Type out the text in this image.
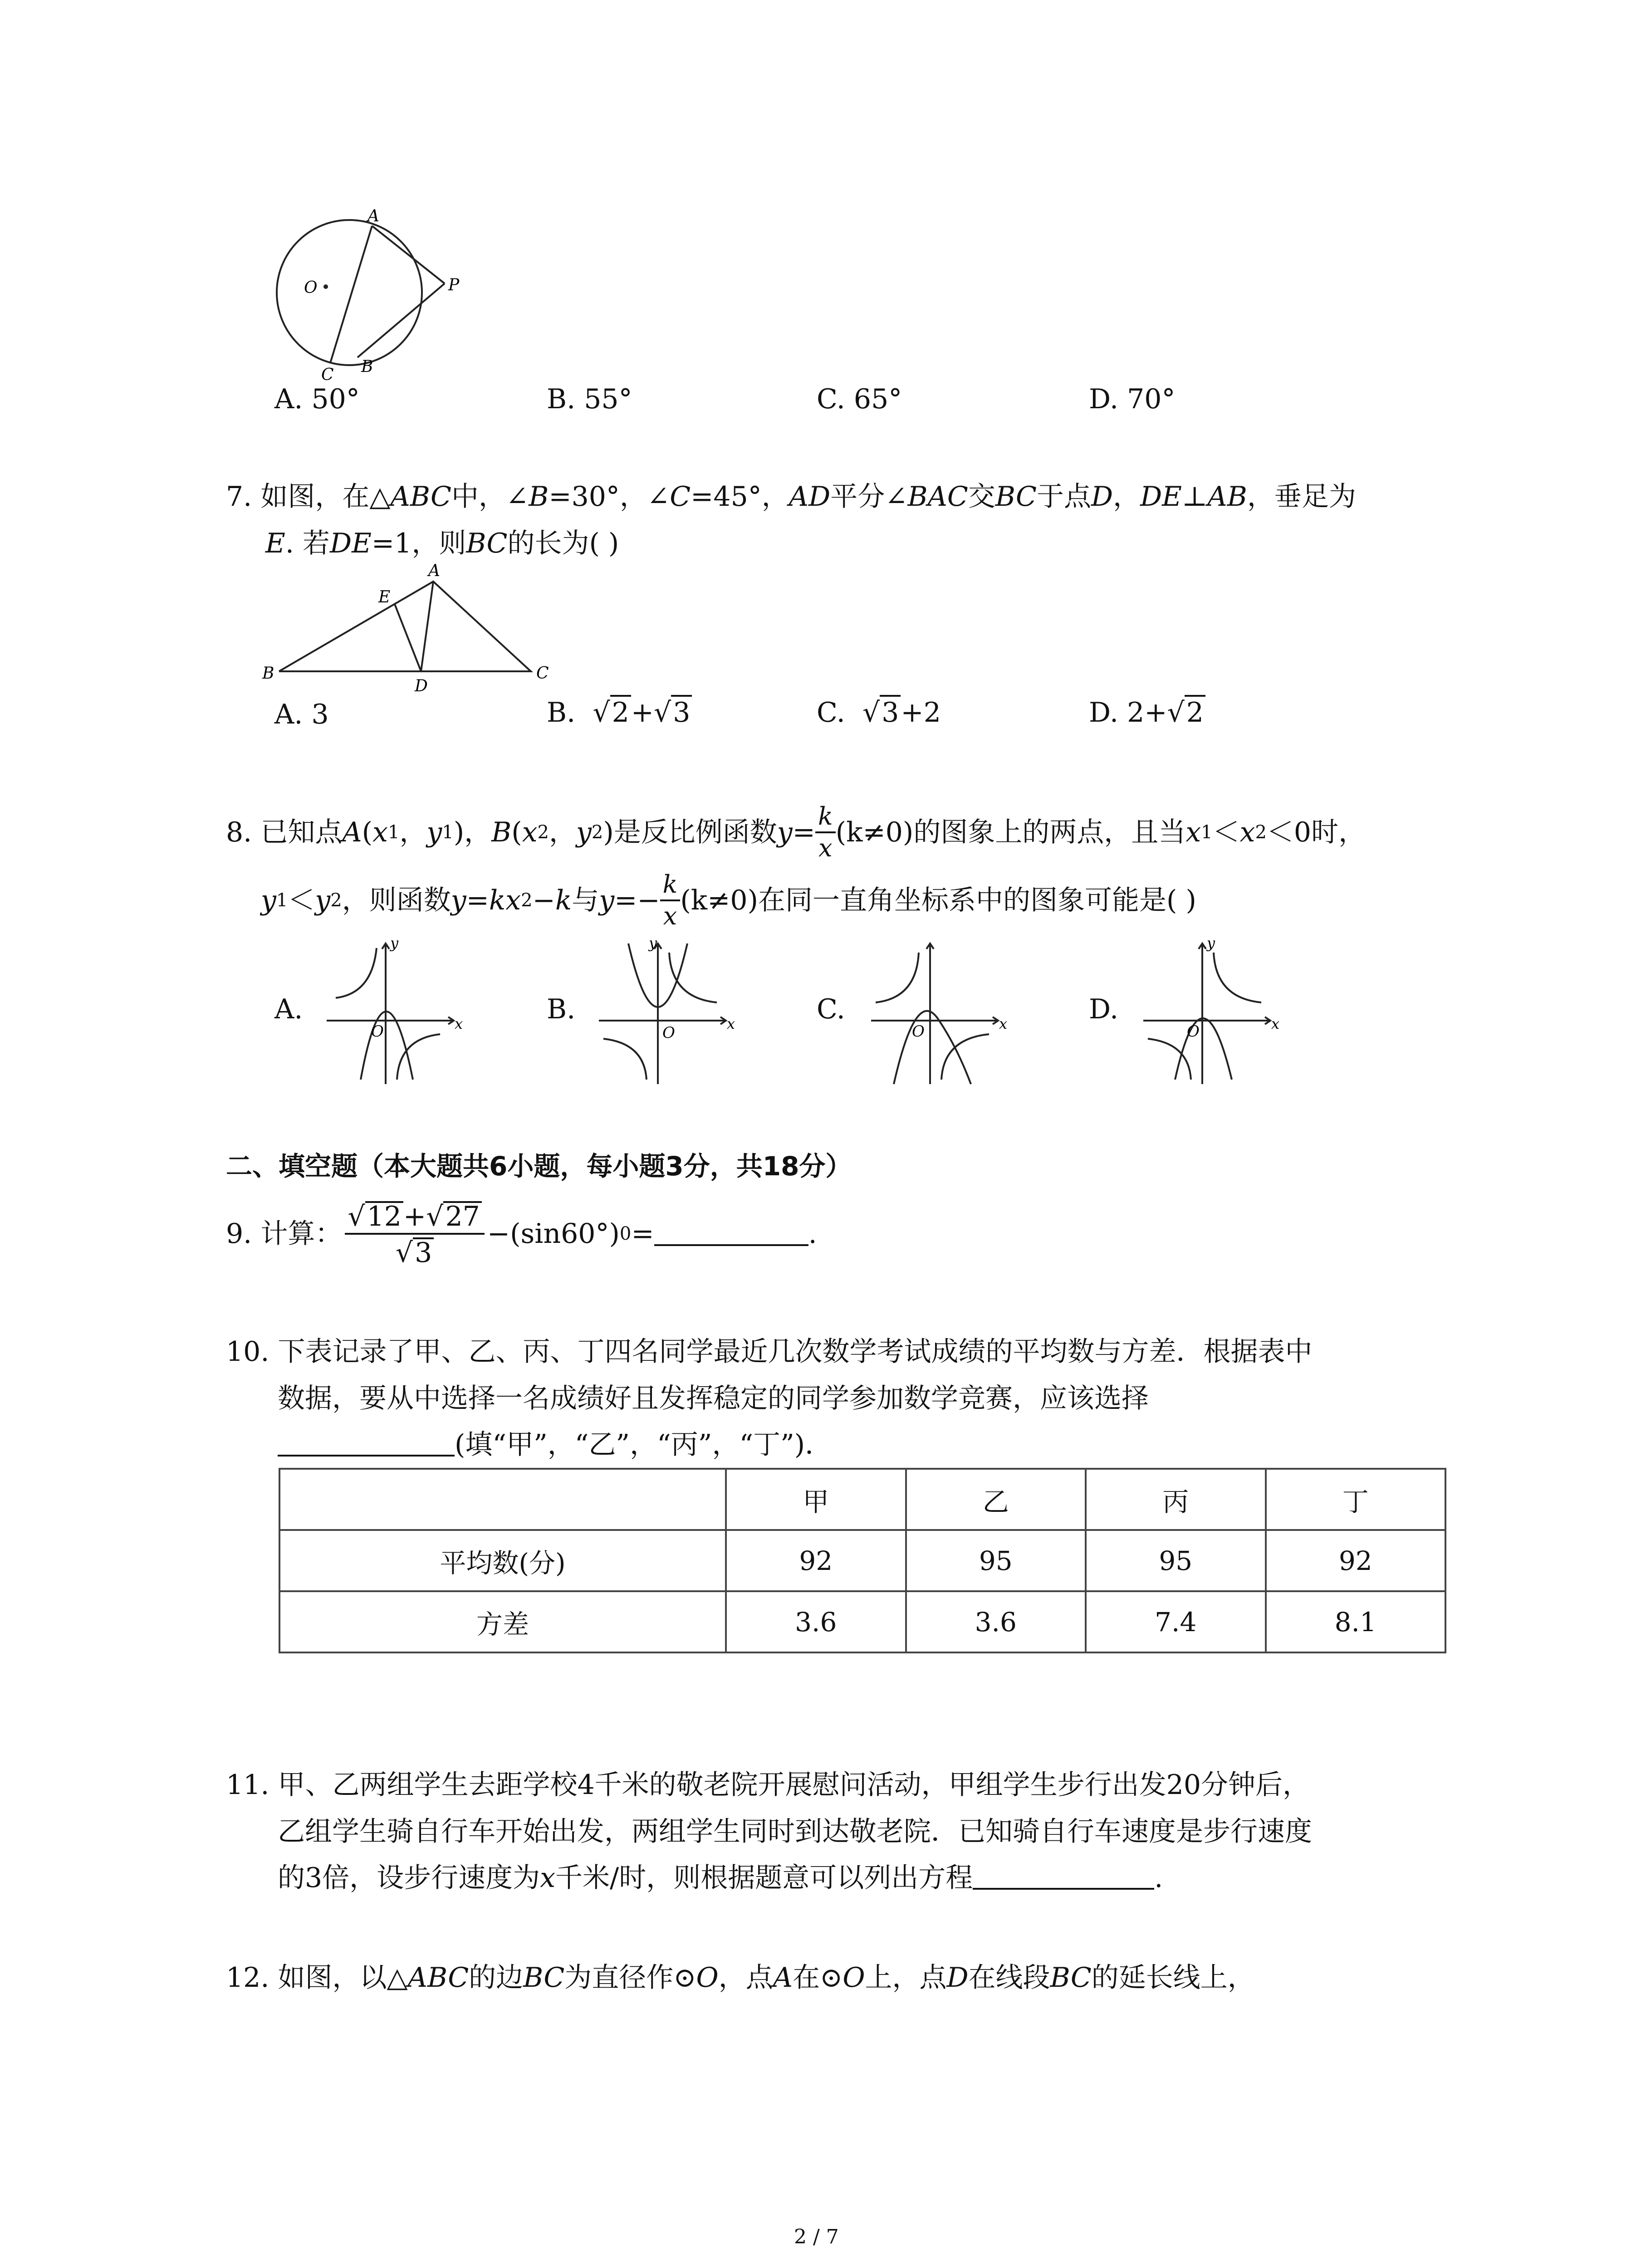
A
O	P
C B
A. 50°	B. 55°	C. 65°	D. 70°
7. 如图，在△ABC中，∠B=30°，∠C=45°，AD平分∠BAC交BC于点D，DE⊥AB，垂足为
E. 若DE=1，则BC的长为( )
A
E
B
D
C
A. 3	B. √2+√3	C. √3+2	D. 2+√2
8.
已知点 A ( x 1 ， y 1 )， B ( x 2 ， y 2 ) 是反比例函数 $y = \frac{k}{x} (k\ne 0)$ 的图象上的两点，且当 x 1 ＜ x 2 ＜0时，
y 1 ＜ y 2 ，则函数 y =kx 2 −k 与 $y =- \frac{k}{x} (k\ne 0)$ 在同一直角坐标系中的图象可能是( )
A.
y
O	x	B.
y
O	x	C.
O	x	D.
y
O	x
二、填空题（本大题共6小题，每小题3分，共18分）
9.
计算： $\frac{√12+√27}{√3} -(\sin 60^\circ) 0$ =	.
10. 下表记录了甲、乙、丙、丁四名同学最近几次数学考试成绩的平均数与方差．根据表中
数据，要从中选择一名成绩好且发挥稳定的同学参加数学竞赛，应该选择
(填“甲”，“乙”，“丙”，“丁”)．
	甲	乙	丙	丁
平均数(分)	92	95	95	92
方差	3.6	3.6	7.4	8.1
11. 甲、乙两组学生去距学校4千米的敬老院开展慰问活动，甲组学生步行出发20分钟后，
乙组学生骑自行车开始出发，两组学生同时到达敬老院．已知骑自行车速度是步行速度
的3倍，设步行速度为x千米/时，则根据题意可以列出方程	.
12. 如图，以△ABC的边BC为直径作⊙O，点A在⊙O上，点D在线段BC的延长线上，
2 / 7
